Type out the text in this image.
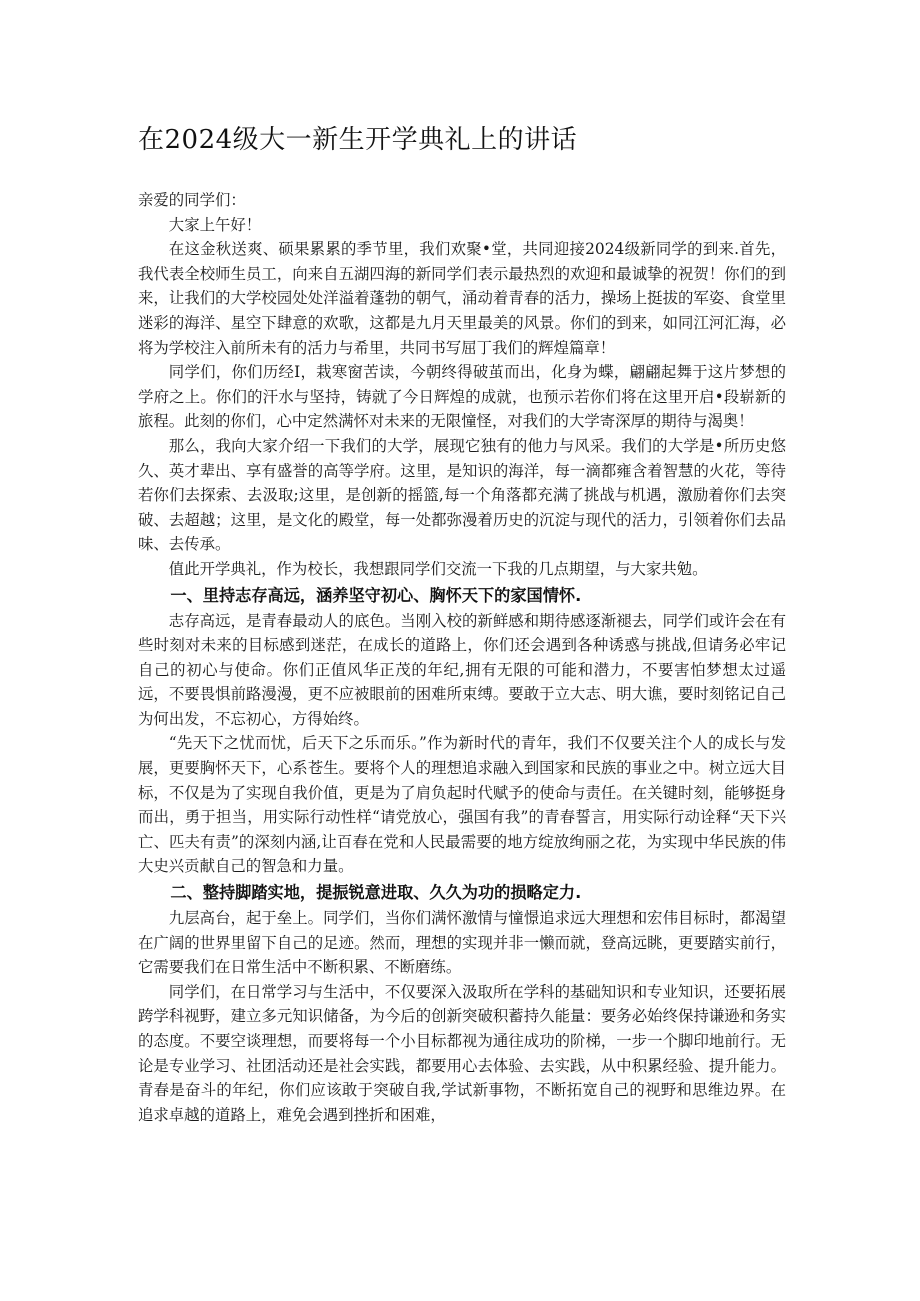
在2024级大一新生开学典礼上的讲话

亲爱的同学们：

大家上午好！

在这金秋送爽、硕果累累的季节里，我们欢聚•堂，共同迎接2024级新同学的到来.首先，我代表全校师生员工，向来自五湖四海的新同学们表示最热烈的欢迎和最诚挚的祝贺！你们的到来，让我们的大学校园处处洋溢着蓬勃的朝气，涌动着青春的活力，操场上挺拔的军姿、食堂里迷彩的海洋、星空下肆意的欢歌，这都是九月天里最美的风景。你们的到来，如同江河汇海，必将为学校注入前所未有的活力与希里，共同书写屈丁我们的辉煌篇章！

同学们，你们历经I，栽寒窗苦读，今朝终得破茧而出，化身为蝶，翩翩起舞于这片梦想的学府之上。你们的汗水与坚持，铸就了今日辉煌的成就，也预示若你们将在这里开启•段崭新的旅程。此刻的你们，心中定然满怀对未来的无限憧怪，对我们的大学寄深厚的期待与渴奥！

那么，我向大家介绍一下我们的大学，展现它独有的他力与风采。我们的大学是•所历史悠久、英才辈出、享有盛誉的高等学府。这里，是知识的海洋，每一滴都雍含着智慧的火花，等待若你们去探索、去汲取;这里，是创新的摇篮,每一个角落都充满了挑战与机遇，激励着你们去突破、去超越；这里，是文化的殿堂，每一处都弥漫着历史的沉淀与现代的活力，引领着你们去品味、去传承。

值此开学典礼，作为校长，我想跟同学们交流一下我的几点期望，与大家共勉。

一、里持志存高远，涵养坚守初心、胸怀天下的家国情怀.

志存高远，是青春最动人的底色。当刚入校的新鲜感和期待感逐渐褪去，同学们或许会在有些时刻对未来的目标感到迷茫，在成长的道路上，你们还会遇到各种诱惑与挑战,但请务必牢记自己的初心与使命。你们正值风华正茂的年纪,拥有无限的可能和潜力，不要害怕梦想太过遥远，不要畏惧前路漫漫，更不应被眼前的困难所束缚。要敢于立大志、明大谯，要时刻铭记自己为何出发，不忘初心，方得始终。

“先天下之忧而忧，后天下之乐而乐。”作为新时代的青年，我们不仅要关注个人的成长与发展，更要胸怀天下，心系苍生。要将个人的理想追求融入到国家和民族的事业之中。树立远大目标，不仅是为了实现自我价值，更是为了肩负起时代赋予的使命与责任。在关键时刻，能够挺身而出，勇于担当，用实际行动性样“请党放心，强国有我”的青春誓言，用实际行动诠释“天下兴亡、匹夫有责”的深刻内涵,让百春在党和人民最需要的地方绽放绚丽之花，为实现中华民族的伟大史兴贡献自己的智急和力量。

二、整持脚踏实地，提振锐意进取、久久为功的损略定力.

九层高台，起于垒上。同学们，当你们满怀激情与憧憬追求远大理想和宏伟目标时，都渴望在广阔的世界里留下自己的足迹。然而，理想的实现并非一懒而就，登高远眺，更要踏实前行，它需要我们在日常生活中不断积累、不断磨练。

同学们，在日常学习与生活中，不仅要深入汲取所在学科的基础知识和专业知识，还要拓展跨学科视野，建立多元知识储备，为今后的创新突破积蓄持久能量：要务必始终保持谦逊和务实的态度。不要空谈理想，而要将每一个小目标都视为通往成功的阶梯，一步一个脚印地前行。无论是专业学习、社团活动还是社会实践，都要用心去体验、去实践，从中积累经验、提升能力。青春是奋斗的年纪，你们应该敢于突破自我,学试新事物，不断拓宽自己的视野和思维边界。在追求卓越的道路上，难免会遇到挫折和困难，
